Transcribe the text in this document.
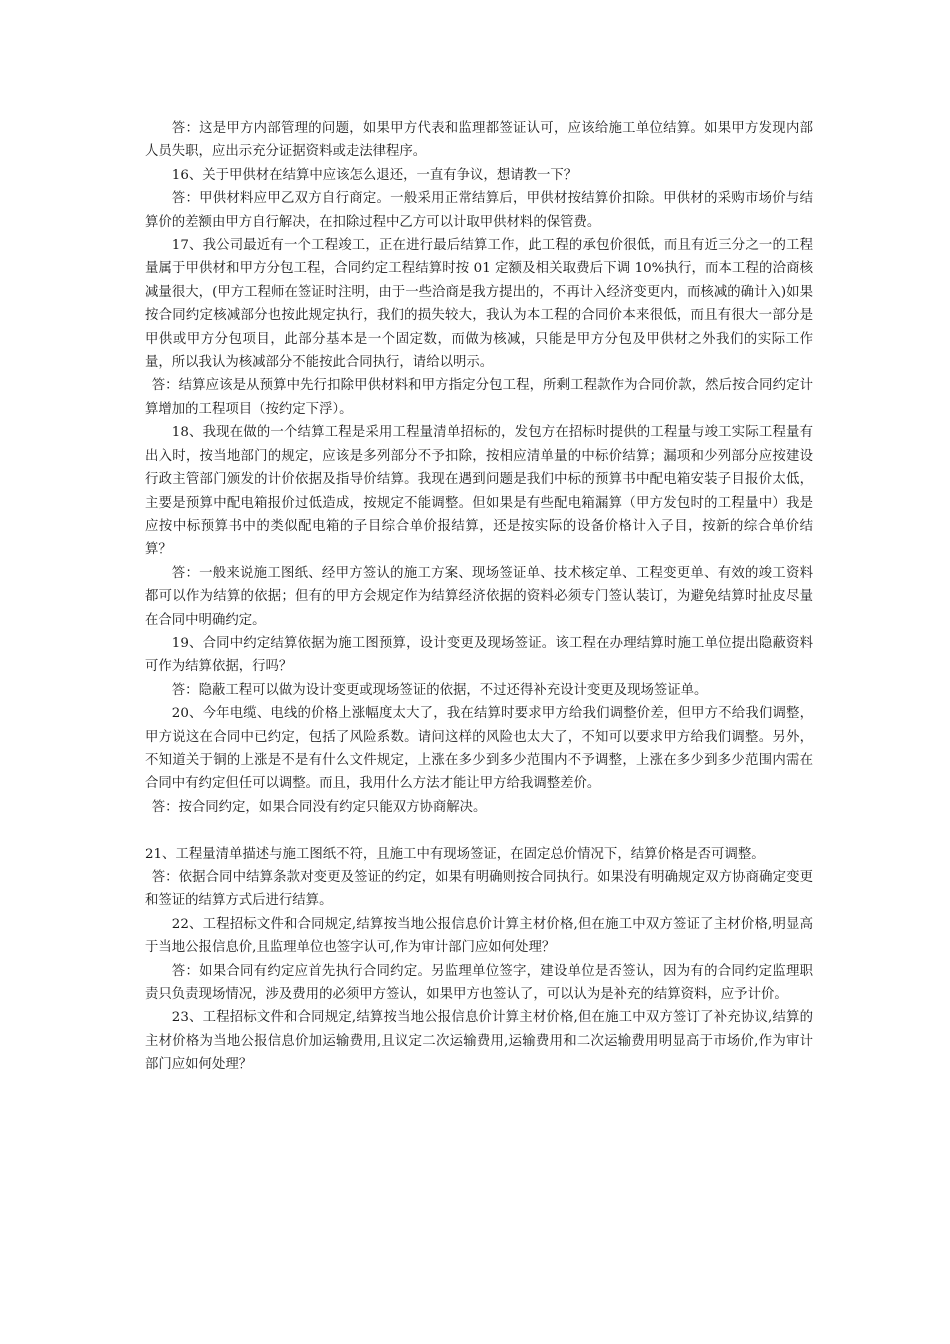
答：这是甲方内部管理的问题，如果甲方代表和监理都签证认可，应该给施工单位结算。如果甲方发现内部人员失职，应出示充分证据资料或走法律程序。

16、关于甲供材在结算中应该怎么退还，一直有争议，想请教一下？

答：甲供材料应甲乙双方自行商定。一般采用正常结算后，甲供材按结算价扣除。甲供材的采购市场价与结算价的差额由甲方自行解决，在扣除过程中乙方可以计取甲供材料的保管费。

17、我公司最近有一个工程竣工，正在进行最后结算工作，此工程的承包价很低，而且有近三分之一的工程量属于甲供材和甲方分包工程，合同约定工程结算时按 01 定额及相关取费后下调 10%执行，而本工程的洽商核减量很大，(甲方工程师在签证时注明，由于一些洽商是我方提出的，不再计入经济变更内，而核减的确计入)如果按合同约定核减部分也按此规定执行，我们的损失较大，我认为本工程的合同价本来很低，而且有很大一部分是甲供或甲方分包项目，此部分基本是一个固定数，而做为核减，只能是甲方分包及甲供材之外我们的实际工作量，所以我认为核减部分不能按此合同执行，请给以明示。

答：结算应该是从预算中先行扣除甲供材料和甲方指定分包工程，所剩工程款作为合同价款，然后按合同约定计算增加的工程项目（按约定下浮）。

18、我现在做的一个结算工程是采用工程量清单招标的，发包方在招标时提供的工程量与竣工实际工程量有出入时，按当地部门的规定，应该是多列部分不予扣除，按相应清单量的中标价结算；漏项和少列部分应按建设行政主管部门颁发的计价依据及指导价结算。我现在遇到问题是我们中标的预算书中配电箱安装子目报价太低，主要是预算中配电箱报价过低造成，按规定不能调整。但如果是有些配电箱漏算（甲方发包时的工程量中）我是应按中标预算书中的类似配电箱的子目综合单价报结算，还是按实际的设备价格计入子目，按新的综合单价结算？

答：一般来说施工图纸、经甲方签认的施工方案、现场签证单、技术核定单、工程变更单、有效的竣工资料都可以作为结算的依据；但有的甲方会规定作为结算经济依据的资料必须专门签认装订，为避免结算时扯皮尽量在合同中明确约定。

19、合同中约定结算依据为施工图预算，设计变更及现场签证。该工程在办理结算时施工单位提出隐蔽资料可作为结算依据，行吗？

答：隐蔽工程可以做为设计变更或现场签证的依据，不过还得补充设计变更及现场签证单。

20、今年电缆、电线的价格上涨幅度太大了，我在结算时要求甲方给我们调整价差，但甲方不给我们调整，甲方说这在合同中已约定，包括了风险系数。请问这样的风险也太大了，不知可以要求甲方给我们调整。另外，不知道关于铜的上涨是不是有什么文件规定，上涨在多少到多少范围内不予调整，上涨在多少到多少范围内需在合同中有约定但任可以调整。而且，我用什么方法才能让甲方给我调整差价。

答：按合同约定，如果合同没有约定只能双方协商解决。

21、工程量清单描述与施工图纸不符，且施工中有现场签证，在固定总价情况下，结算价格是否可调整。

答：依据合同中结算条款对变更及签证的约定，如果有明确则按合同执行。如果没有明确规定双方协商确定变更和签证的结算方式后进行结算。

22、工程招标文件和合同规定,结算按当地公报信息价计算主材价格,但在施工中双方签证了主材价格,明显高于当地公报信息价,且监理单位也签字认可,作为审计部门应如何处理？

答：如果合同有约定应首先执行合同约定。另监理单位签字，建设单位是否签认，因为有的合同约定监理职责只负责现场情况，涉及费用的必须甲方签认，如果甲方也签认了，可以认为是补充的结算资料，应予计价。

23、工程招标文件和合同规定,结算按当地公报信息价计算主材价格,但在施工中双方签订了补充协议,结算的主材价格为当地公报信息价加运输费用,且议定二次运输费用,运输费用和二次运输费用明显高于市场价,作为审计部门应如何处理？
